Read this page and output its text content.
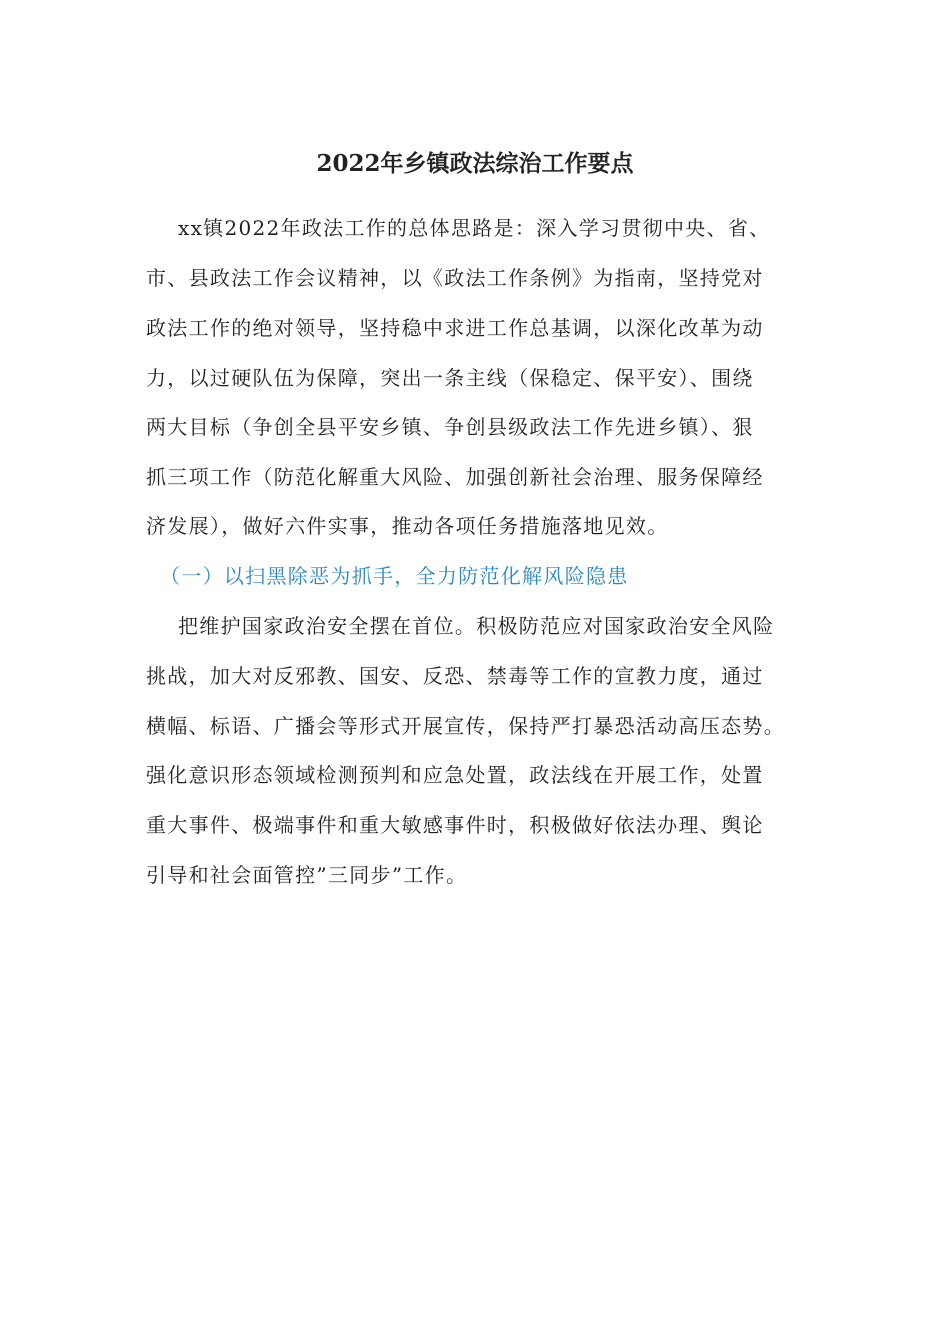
2022年乡镇政法综治工作要点
xx镇2022年政法工作的总体思路是：深入学习贯彻中央、省、
市、县政法工作会议精神，以《政法工作条例》为指南，坚持党对
政法工作的绝对领导，坚持稳中求进工作总基调，以深化改革为动
力，以过硬队伍为保障，突出一条主线（保稳定、保平安）、围绕
两大目标（争创全县平安乡镇、争创县级政法工作先进乡镇）、狠
抓三项工作（防范化解重大风险、加强创新社会治理、服务保障经
济发展），做好六件实事，推动各项任务措施落地见效。
（一）以扫黑除恶为抓手，全力防范化解风险隐患
把维护国家政治安全摆在首位。积极防范应对国家政治安全风险
挑战，加大对反邪教、国安、反恐、禁毒等工作的宣教力度，通过
横幅、标语、广播会等形式开展宣传，保持严打暴恐活动高压态势。
强化意识形态领域检测预判和应急处置，政法线在开展工作，处置
重大事件、极端事件和重大敏感事件时，积极做好依法办理、舆论
引导和社会面管控”三同步”工作。
